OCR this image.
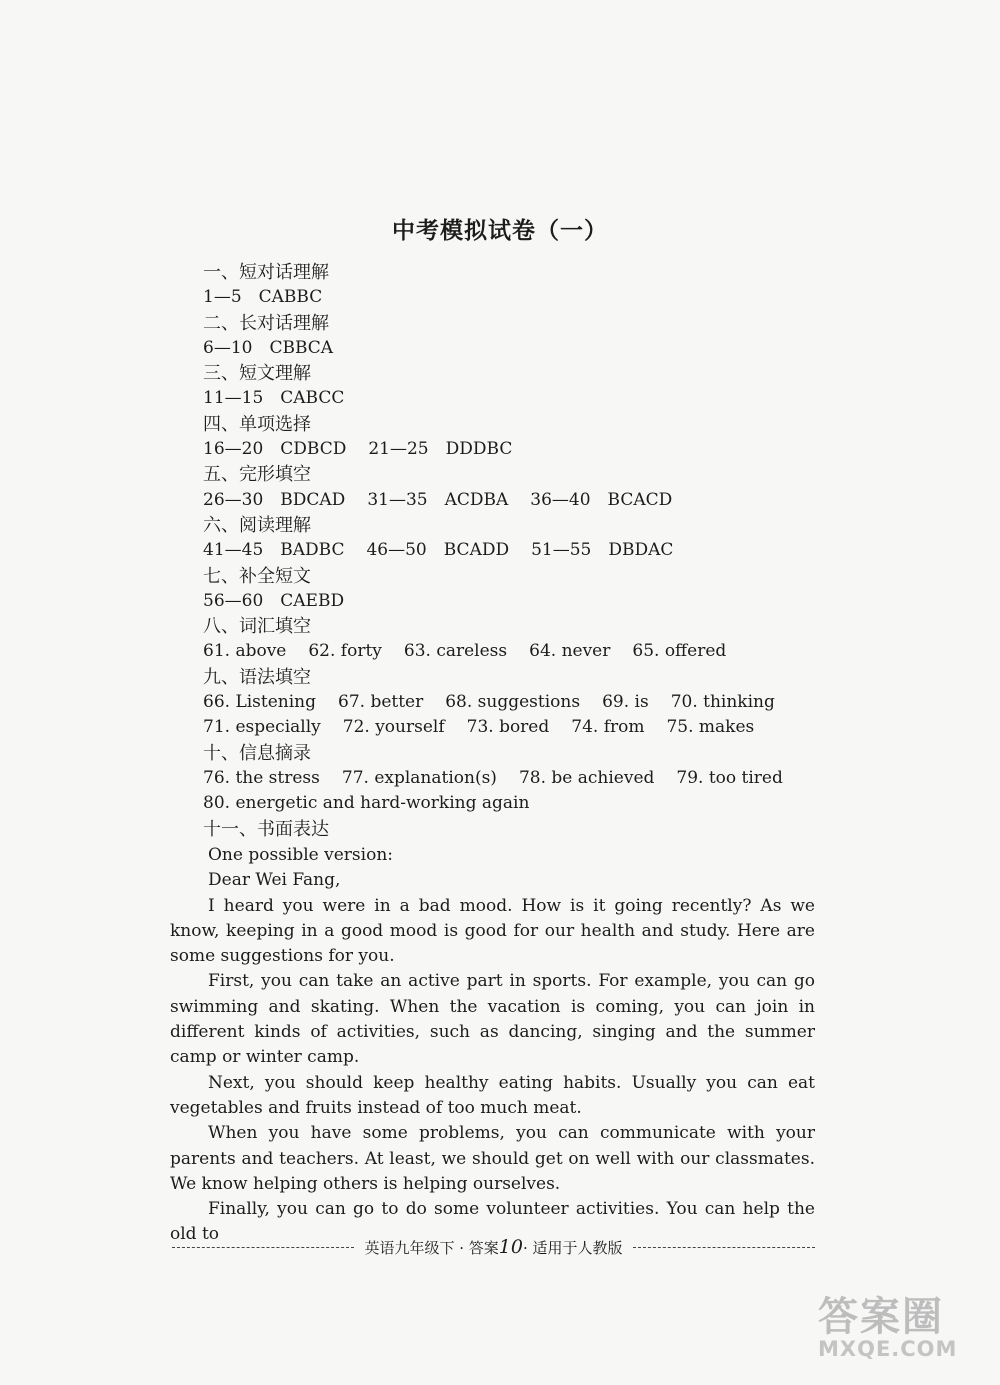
中考模拟试卷（一）
一、短对话理解
1—5　CABBC
二、长对话理解
6—10　CBBCA
三、短文理解
11—15　CABCC
四、单项选择
16—20　CDBCD 21—25　DDDBC
五、完形填空
26—30　BDCAD 31—35　ACDBA 36—40　BCACD
六、阅读理解
41—45　BADBC 46—50　BCADD 51—55　DBDAC
七、补全短文
56—60　CAEBD
八、词汇填空
61. above 62. forty 63. careless 64. never 65. offered
九、语法填空
66. Listening 67. better 68. suggestions 69. is 70. thinking
71. especially 72. yourself 73. bored 74. from 75. makes
十、信息摘录
76. the stress 77. explanation(s) 78. be achieved 79. too tired
80. energetic and hard-working again
十一、书面表达
One possible version:
Dear Wei Fang,

I heard you were in a bad mood. How is it going recently? As we know, keeping in a good mood is good for our health and study. Here are some suggestions for you.

First, you can take an active part in sports. For example, you can go swimming and skating. When the vacation is coming, you can join in different kinds of activities, such as dancing, singing and the summer camp or winter camp.

Next, you should keep healthy eating habits. Usually you can eat vegetables and fruits instead of too much meat.

When you have some problems, you can communicate with your parents and teachers. At least, we should get on well with our classmates. We know helping others is helping ourselves.

Finally, you can go to do some volunteer activities. You can help the old to

英语九年级下 · 答案10· 适用于人教版
答案圈
MXQE.COM
